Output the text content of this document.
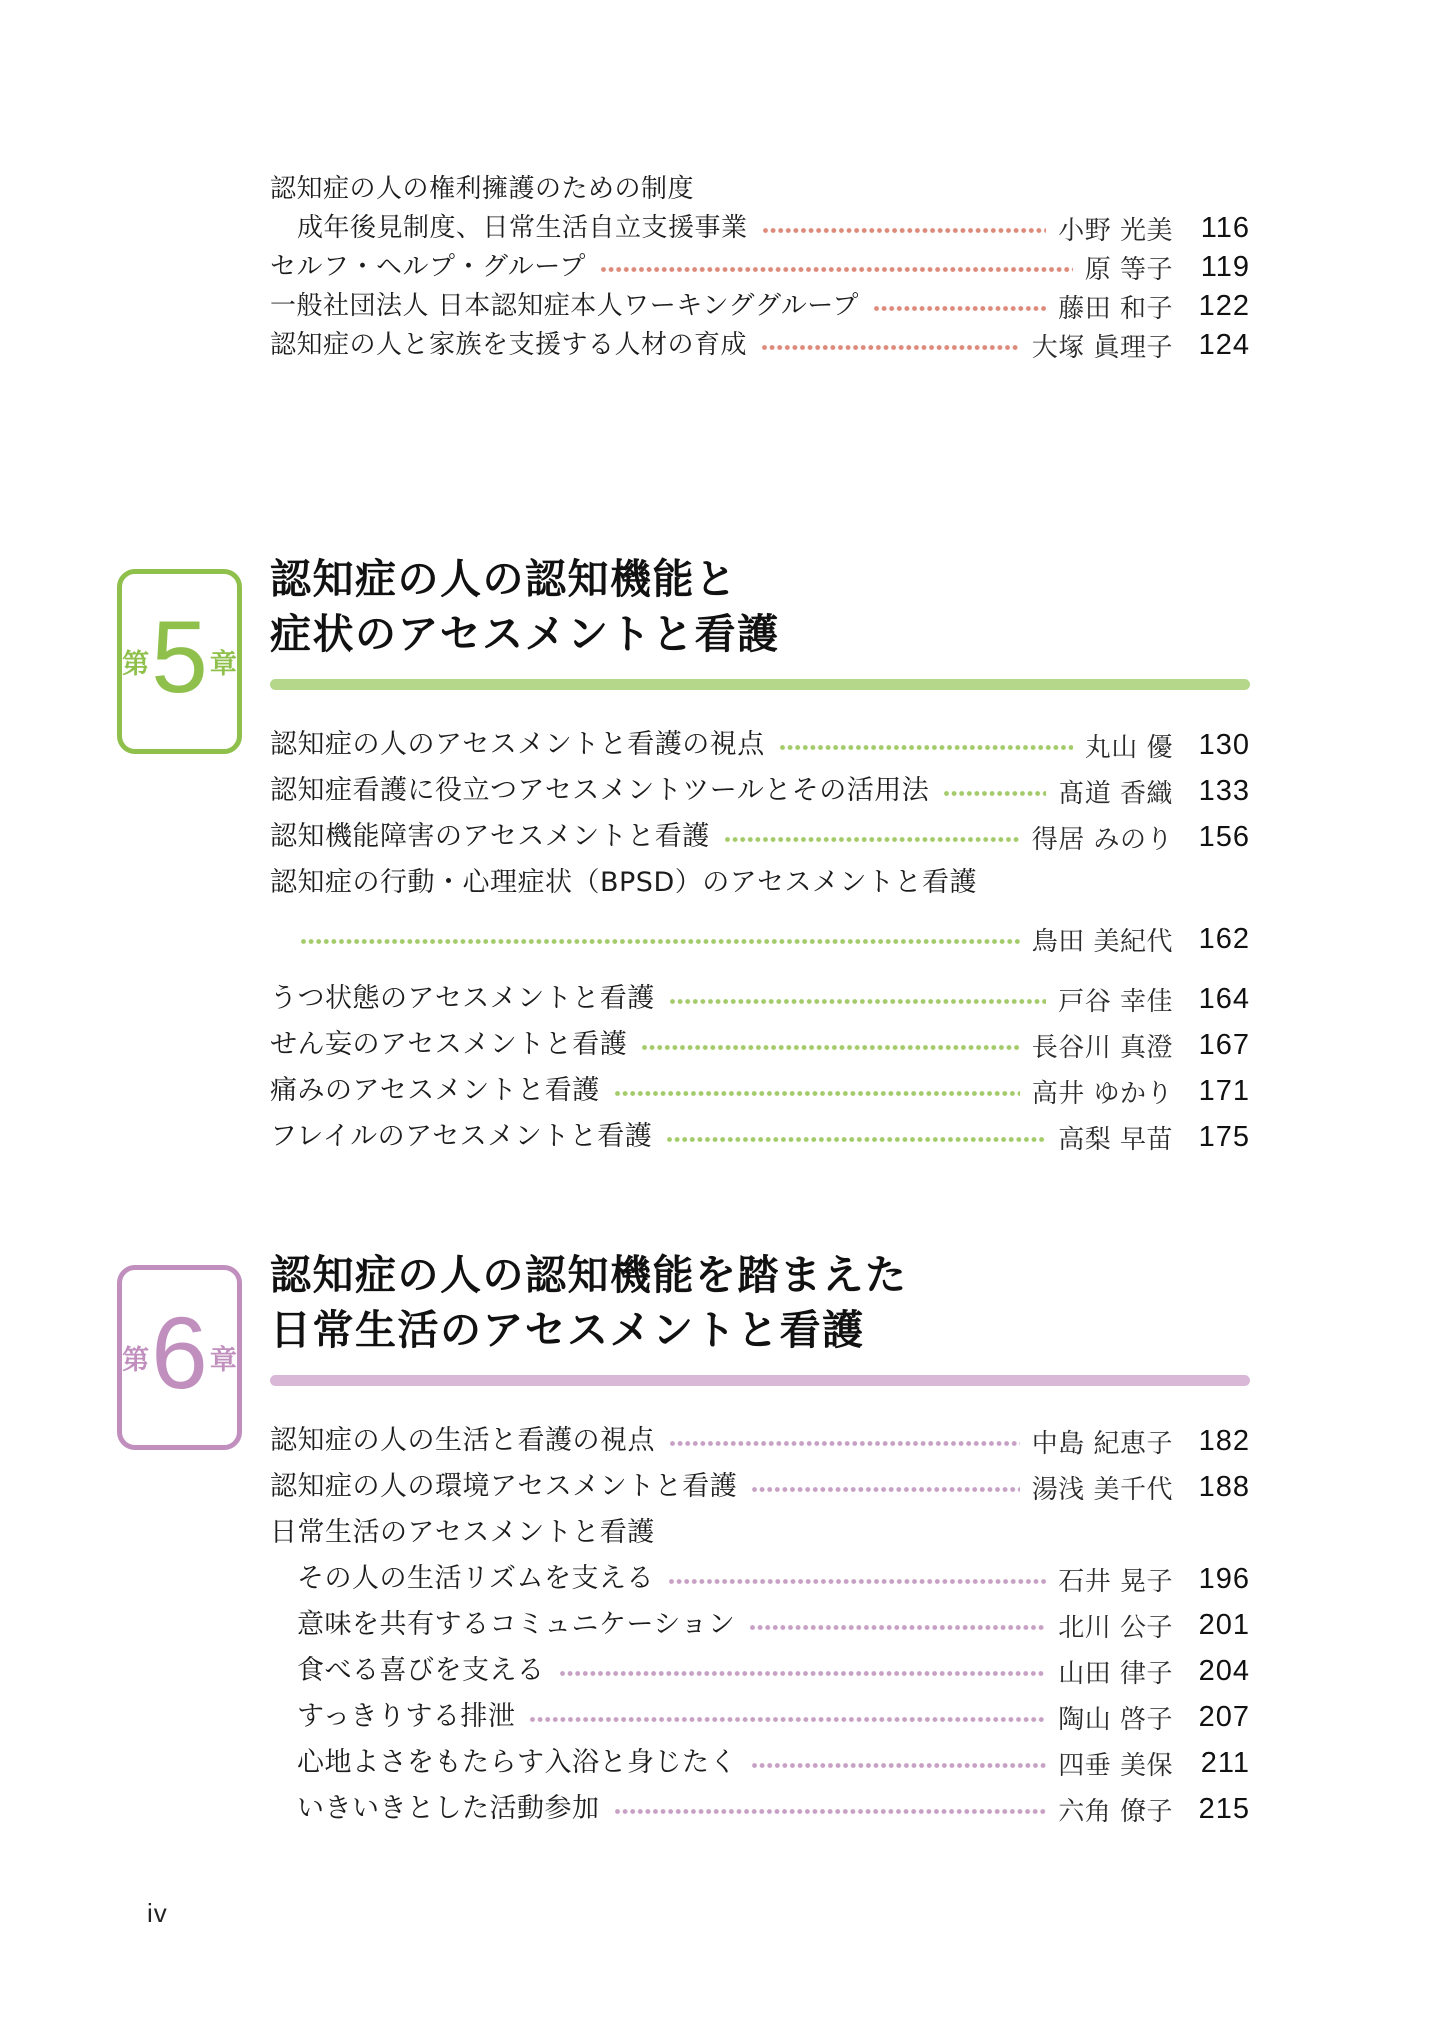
認知症の人の権利擁護のための制度
成年後見制度、日常生活自立支援事業	小野 光美 116
セルフ・ヘルプ・グループ	原 等子 119
一般社団法人 日本認知症本人ワーキンググループ	藤田 和子 122
認知症の人と家族を支援する人材の育成	大塚 眞理子 124
第 5 章
認知症の人の認知機能と
症状のアセスメントと看護
認知症の人のアセスメントと看護の視点	丸山 優 130
認知症看護に役立つアセスメントツールとその活用法	髙道 香織 133
認知機能障害のアセスメントと看護	得居 みのり 156
認知症の行動・心理症状（BPSD）のアセスメントと看護
鳥田 美紀代 162
うつ状態のアセスメントと看護	戸谷 幸佳 164
せん妄のアセスメントと看護	長谷川 真澄 167
痛みのアセスメントと看護	高井 ゆかり 171
フレイルのアセスメントと看護	高梨 早苗 175
第 6 章
認知症の人の認知機能を踏まえた
日常生活のアセスメントと看護
認知症の人の生活と看護の視点	中島 紀恵子 182
認知症の人の環境アセスメントと看護	湯浅 美千代 188
日常生活のアセスメントと看護
その人の生活リズムを支える	石井 晃子 196
意味を共有するコミュニケーション	北川 公子 201
食べる喜びを支える	山田 律子 204
すっきりする排泄	陶山 啓子 207
心地よさをもたらす入浴と身じたく	四垂 美保 211
いきいきとした活動参加	六角 僚子 215
iv
